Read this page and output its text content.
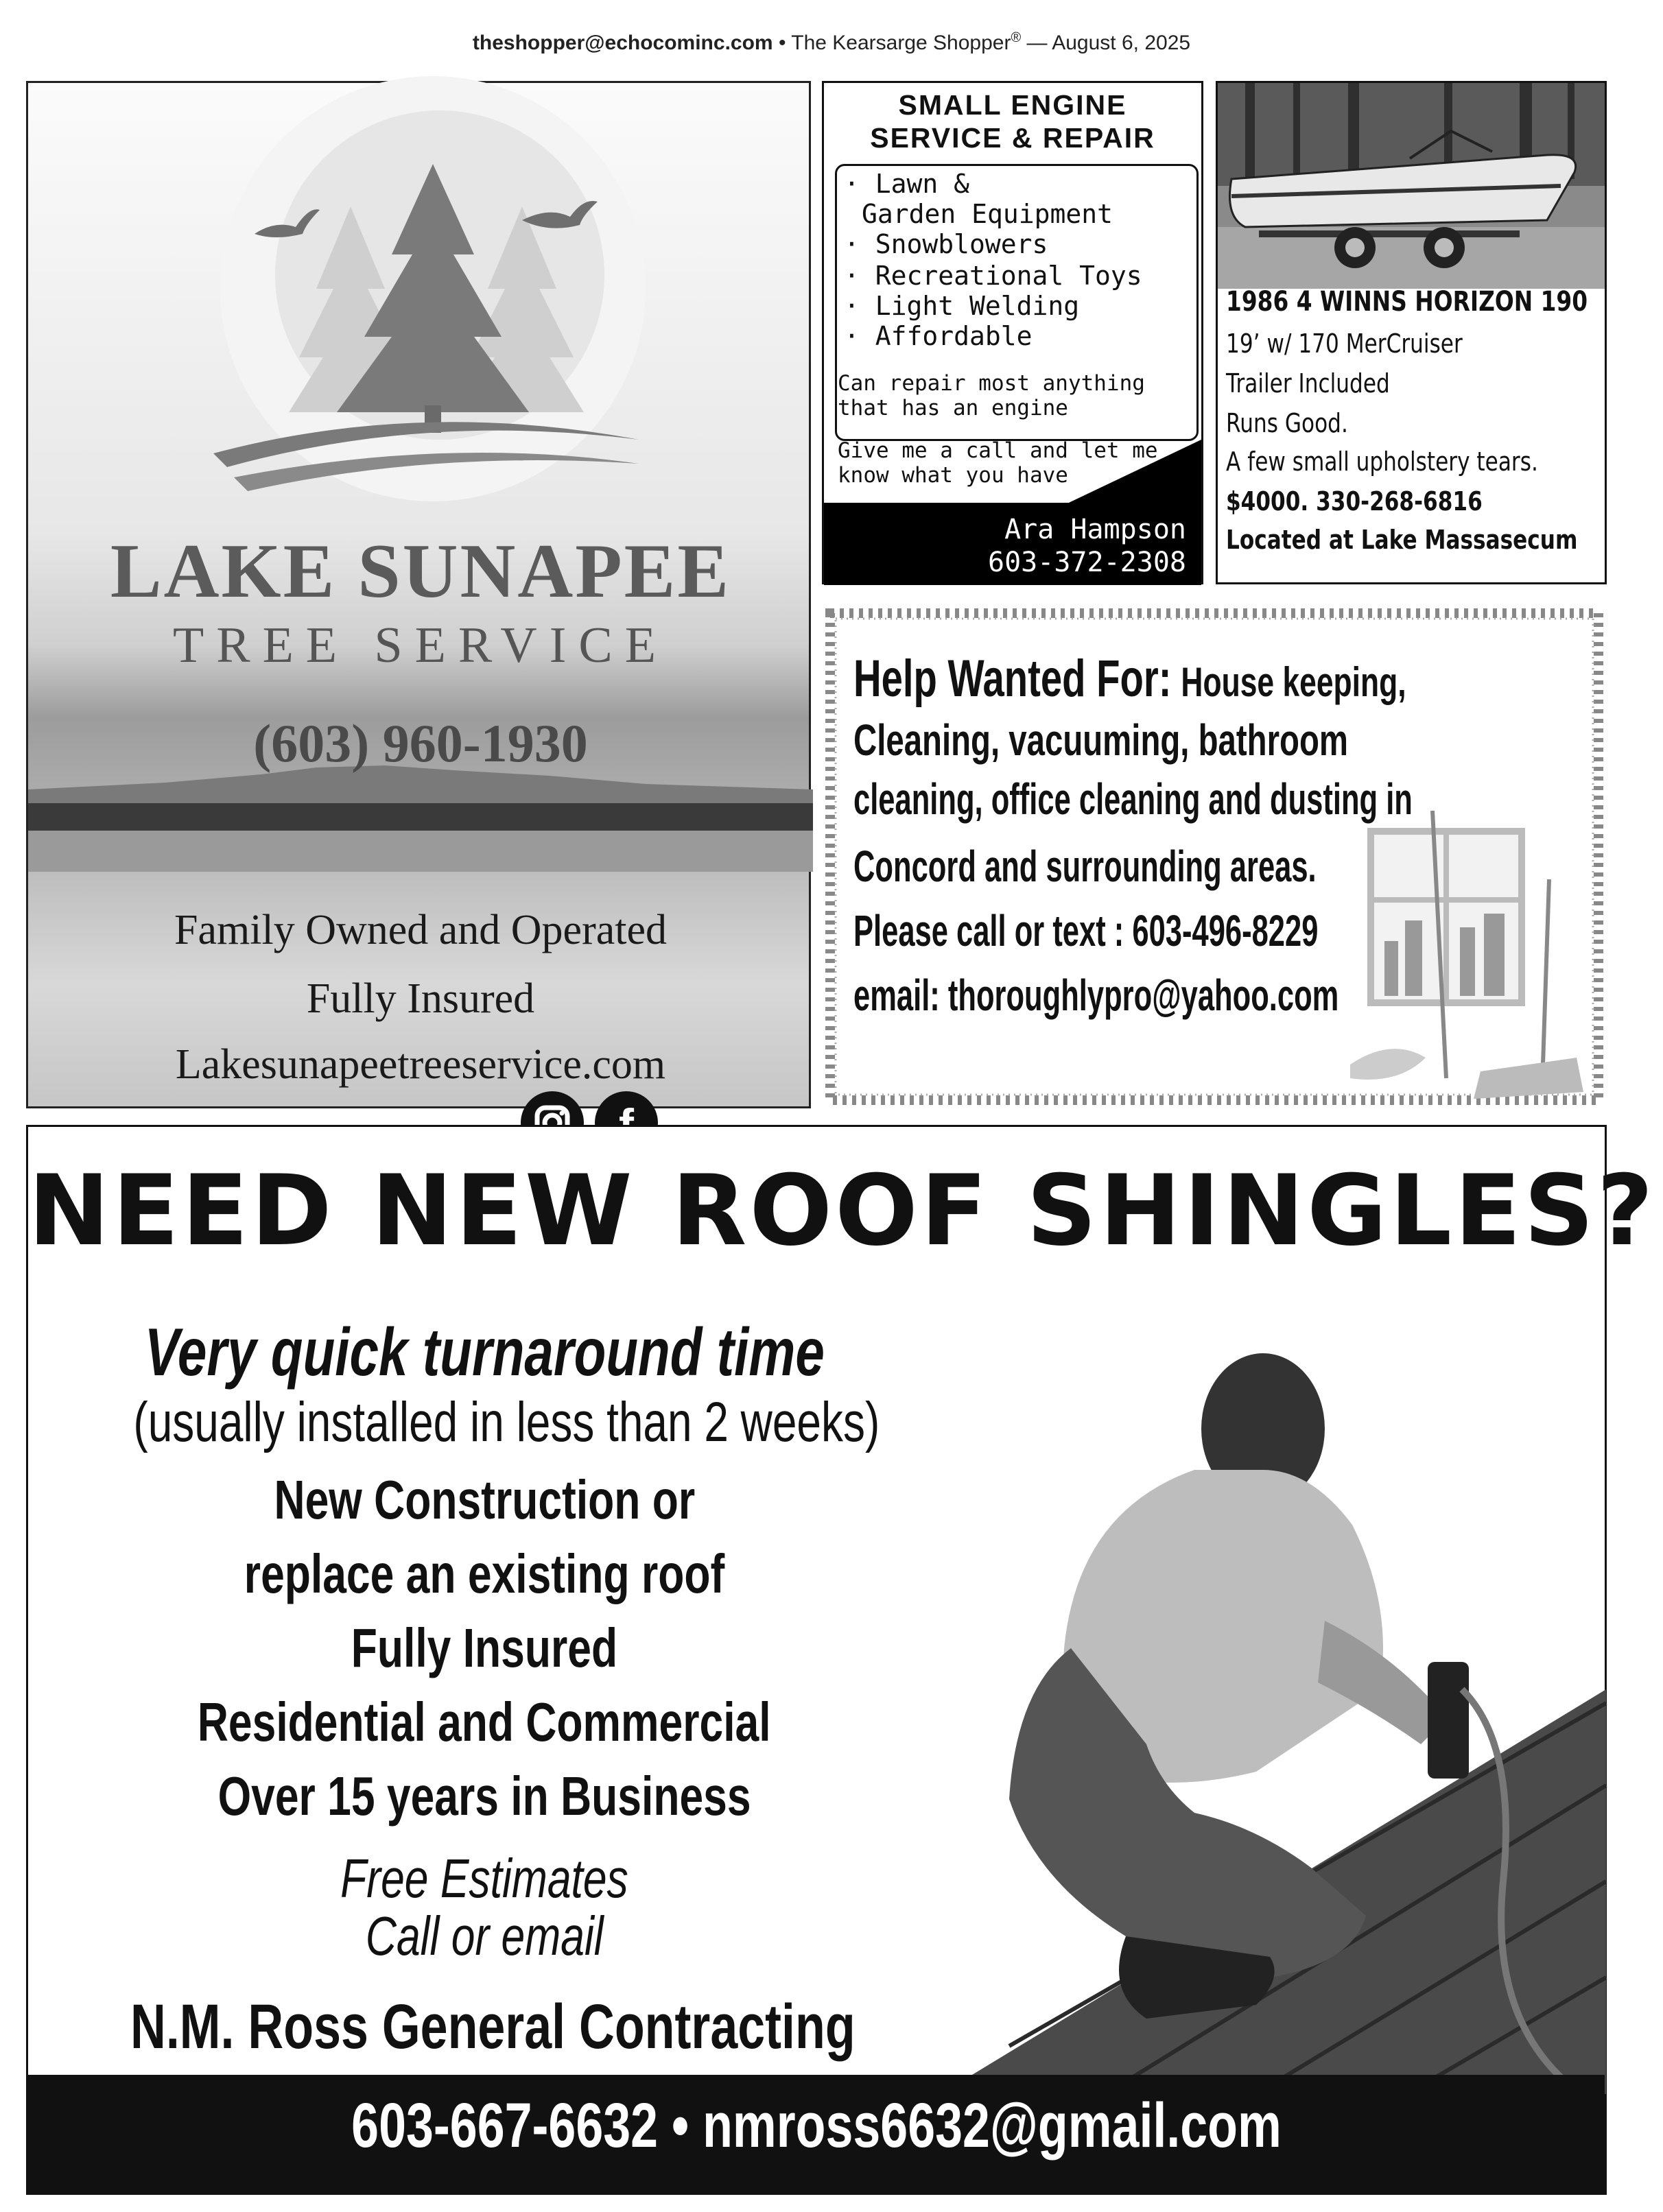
theshopper@echocominc.com • The Kearsarge Shopper® — August 6, 2025
LAKE SUNAPEE
TREE SERVICE
(603) 960-1930
Family Owned and Operated
Fully Insured
Lakesunapeetreeservice.com
SMALL ENGINE
SERVICE & REPAIR
· Lawn &
Garden Equipment
· Snowblowers
· Recreational Toys
· Light Welding
· Affordable
Can repair most anything
that has an engine
Give me a call and let me
know what you have
Ara Hampson
603-372-2308
1986 4 WINNS HORIZON 190
19’ w/ 170 MerCruiser
Trailer Included
Runs Good.
A few small upholstery tears.
$4000. 330-268-6816
Located at Lake Massasecum
Help Wanted For: House keeping,
Cleaning, vacuuming, bathroom
cleaning, office cleaning and dusting in
Concord and surrounding areas.
Please call or text : 603-496-8229
email: thoroughlypro@yahoo.com
NEED NEW ROOF SHINGLES?
Very quick turnaround time
(usually installed in less than 2 weeks)
New Construction or
replace an existing roof
Fully Insured
Residential and Commercial
Over 15 years in Business
Free Estimates
Call or email
N.M. Ross General Contracting
603-667-6632 • nmross6632@gmail.com
